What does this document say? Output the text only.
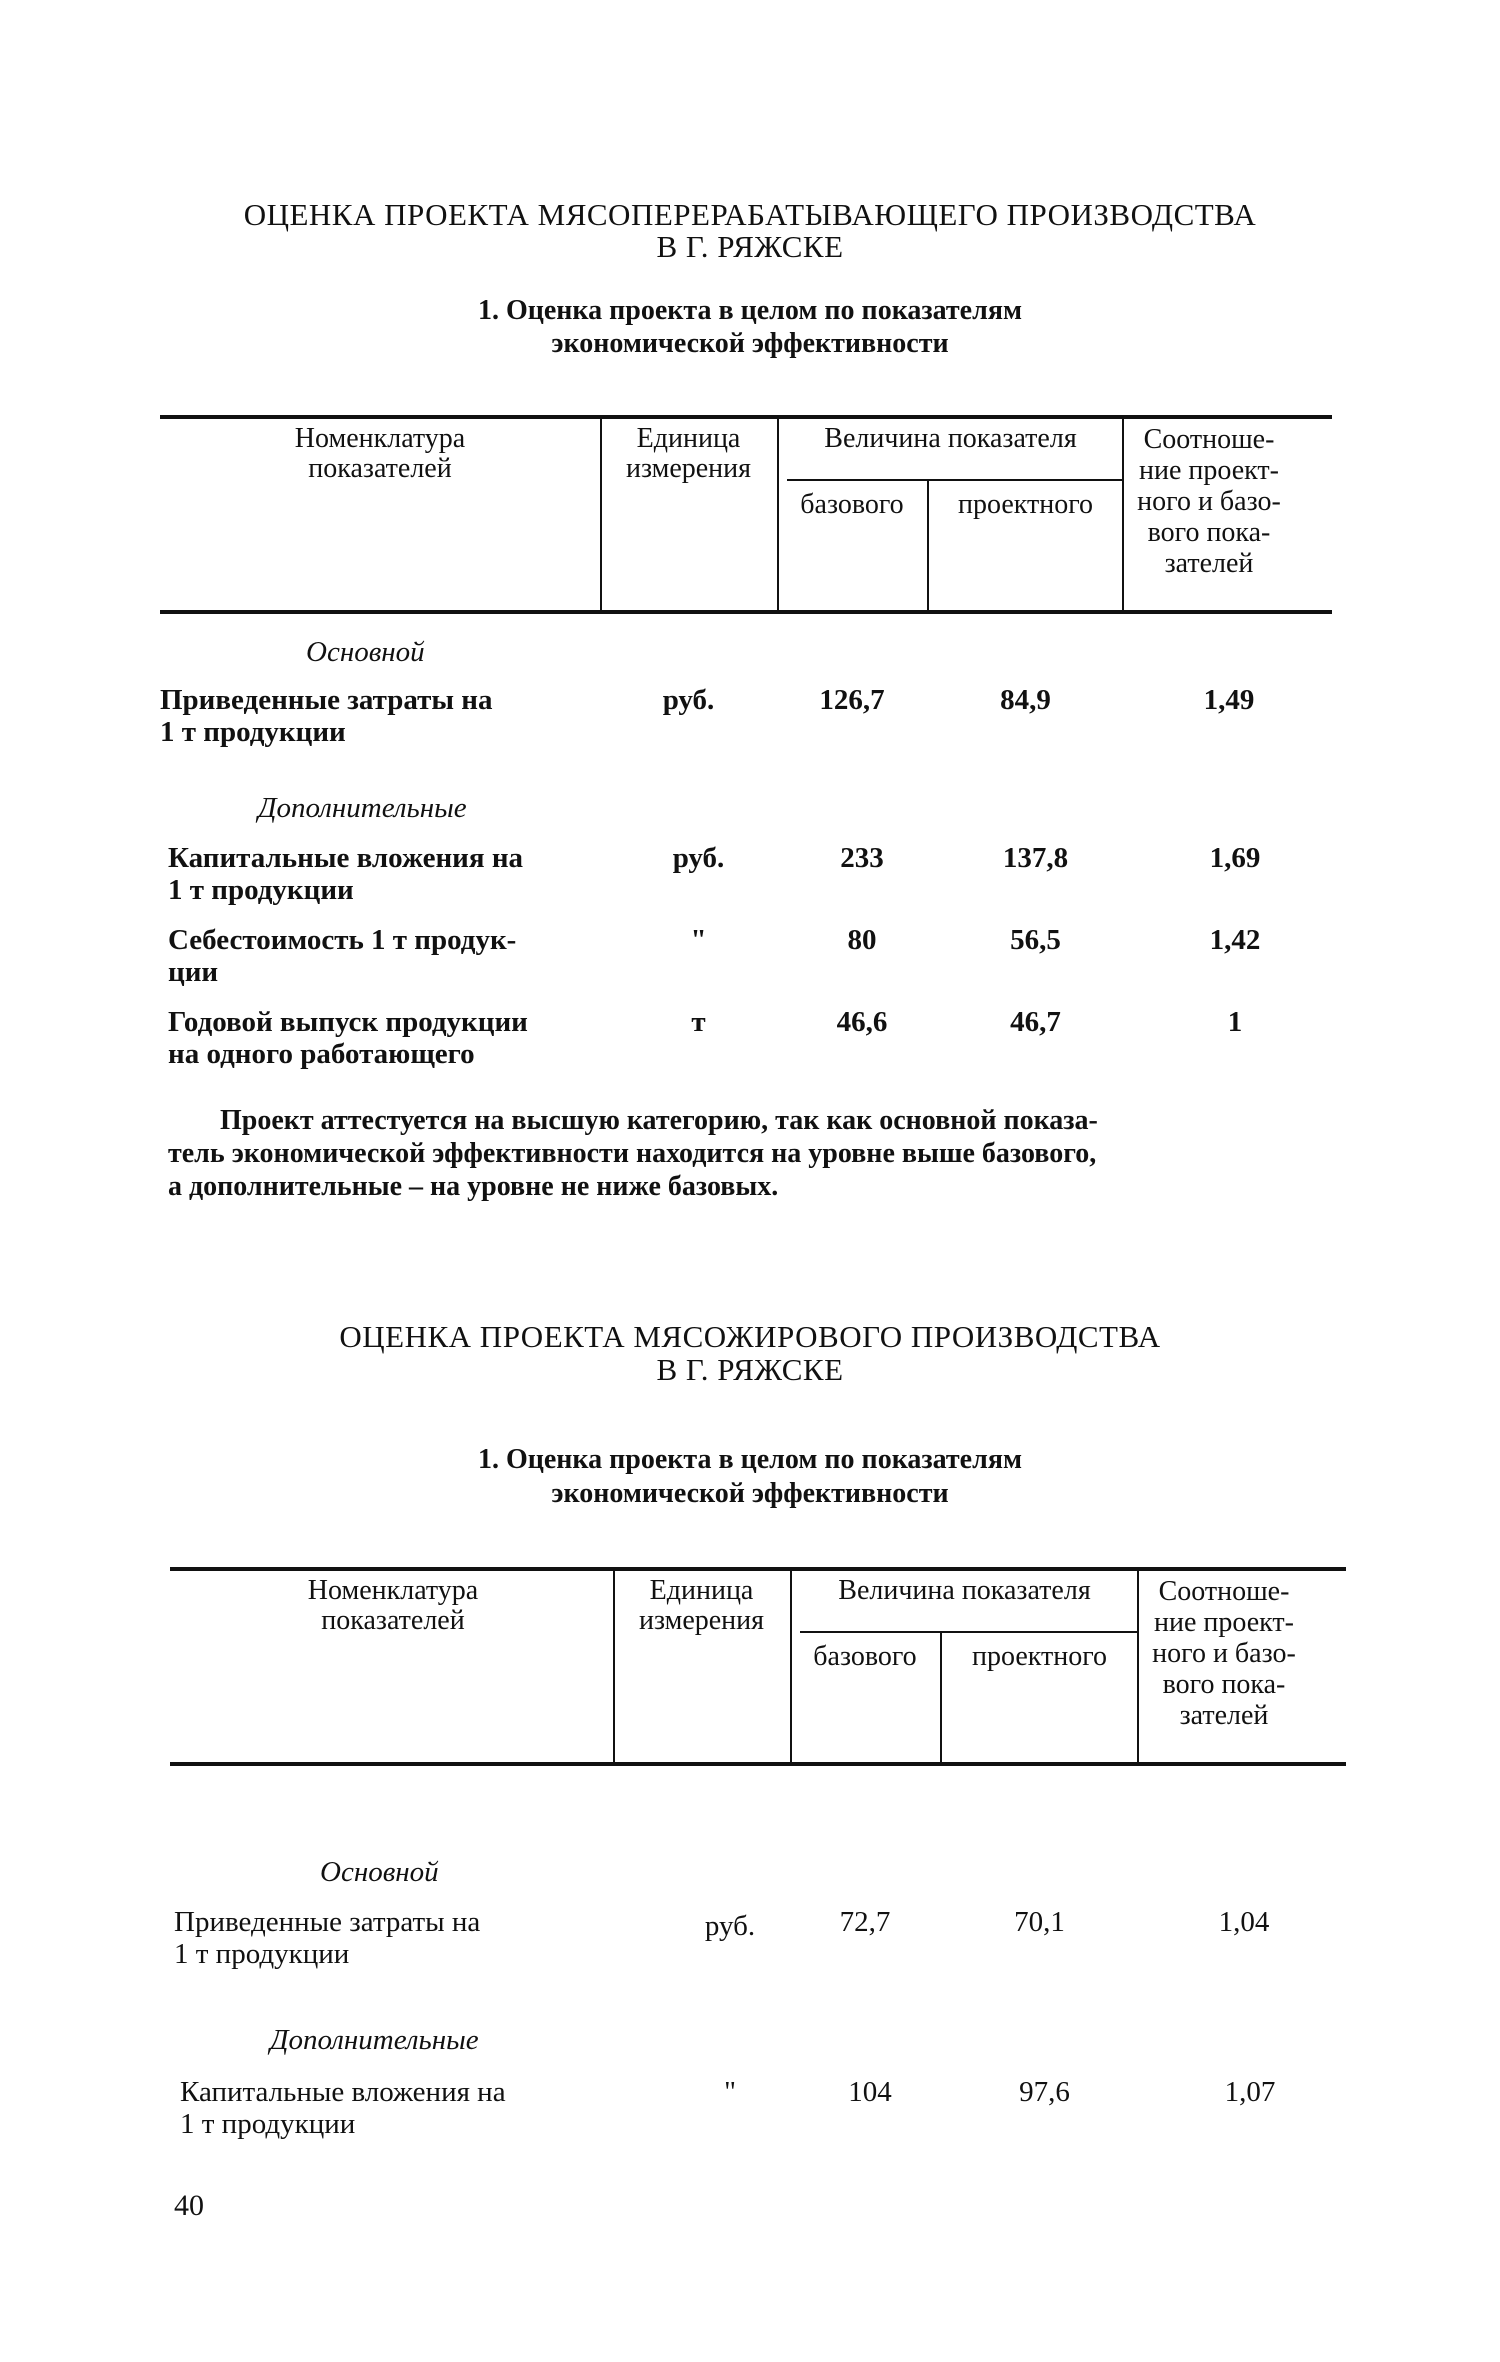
ОЦЕНКА ПРОЕКТА МЯСОПЕРЕРАБАТЫВАЮЩЕГО ПРОИЗВОДСТВА
В Г. РЯЖСКЕ
1. Оценка проекта в целом по показателям
экономической эффективности
Номенклатура
показателей
Единица
измерения
Величина показателя
базового	проектного
Соотноше-
ние проект-
ного и базо-
вого пока-
зателей
Основной
Приведенные затраты на
1 т продукции
руб.	126,7	84,9	1,49
Дополнительные
Капитальные вложения на
1 т продукции
руб.	233	137,8	1,69
Себестоимость 1 т продук-
ции
"	80	56,5	1,42
Годовой выпуск продукции
на одного работающего
т	46,6	46,7	1
Проект аттестуется на высшую категорию, так как основной показа-
тель экономической эффективности находится на уровне выше базового,
а дополнительные – на уровне не ниже базовых.
ОЦЕНКА ПРОЕКТА МЯСОЖИРОВОГО ПРОИЗВОДСТВА
В Г. РЯЖСКЕ
1. Оценка проекта в целом по показателям
экономической эффективности
Номенклатура
показателей
Единица
измерения
Величина показателя
базового	проектного
Соотноше-
ние проект-
ного и базо-
вого пока-
зателей
Основной
Приведенные затраты на
1 т продукции
руб.	72,7	70,1	1,04
Дополнительные
Капитальные вложения на
1 т продукции
"	104	97,6	1,07
40
